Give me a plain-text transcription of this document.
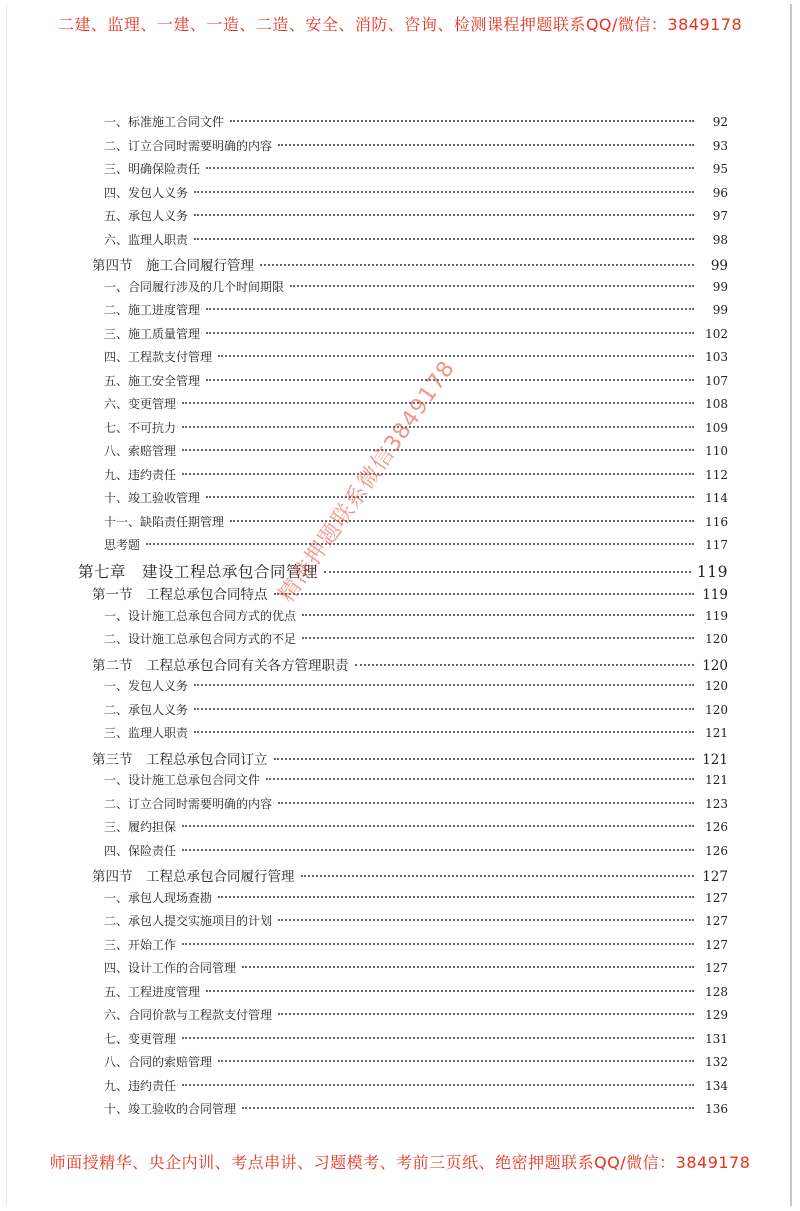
二建、监理、一建、一造、二造、安全、消防、咨询、检测课程押题联系QQ/微信：3849178
一、标准施工合同文件	92
二、订立合同时需要明确的内容	93
三、明确保险责任	95
四、发包人义务	96
五、承包人义务	97
六、监理人职责	98
第四节　施工合同履行管理	99
一、合同履行涉及的几个时间期限	99
二、施工进度管理	99
三、施工质量管理	102
四、工程款支付管理	103
五、施工安全管理	107
六、变更管理	108
七、不可抗力	109
八、索赔管理	110
九、违约责任	112
十、竣工验收管理	114
十一、缺陷责任期管理	116
思考题	117
第七章　建设工程总承包合同管理	119
第一节　工程总承包合同特点	119
一、设计施工总承包合同方式的优点	119
二、设计施工总承包合同方式的不足	120
第二节　工程总承包合同有关各方管理职责	120
一、发包人义务	120
二、承包人义务	120
三、监理人职责	121
第三节　工程总承包合同订立	121
一、设计施工总承包合同文件	121
二、订立合同时需要明确的内容	123
三、履约担保	126
四、保险责任	126
第四节　工程总承包合同履行管理	127
一、承包人现场查勘	127
二、承包人提交实施项目的计划	127
三、开始工作	127
四、设计工作的合同管理	127
五、工程进度管理	128
六、合同价款与工程款支付管理	129
七、变更管理	131
八、合同的索赔管理	132
九、违约责任	134
十、竣工验收的合同管理	136
精准押题联系微信3849178
师面授精华、央企内训、考点串讲、习题模考、考前三页纸、绝密押题联系QQ/微信：3849178
